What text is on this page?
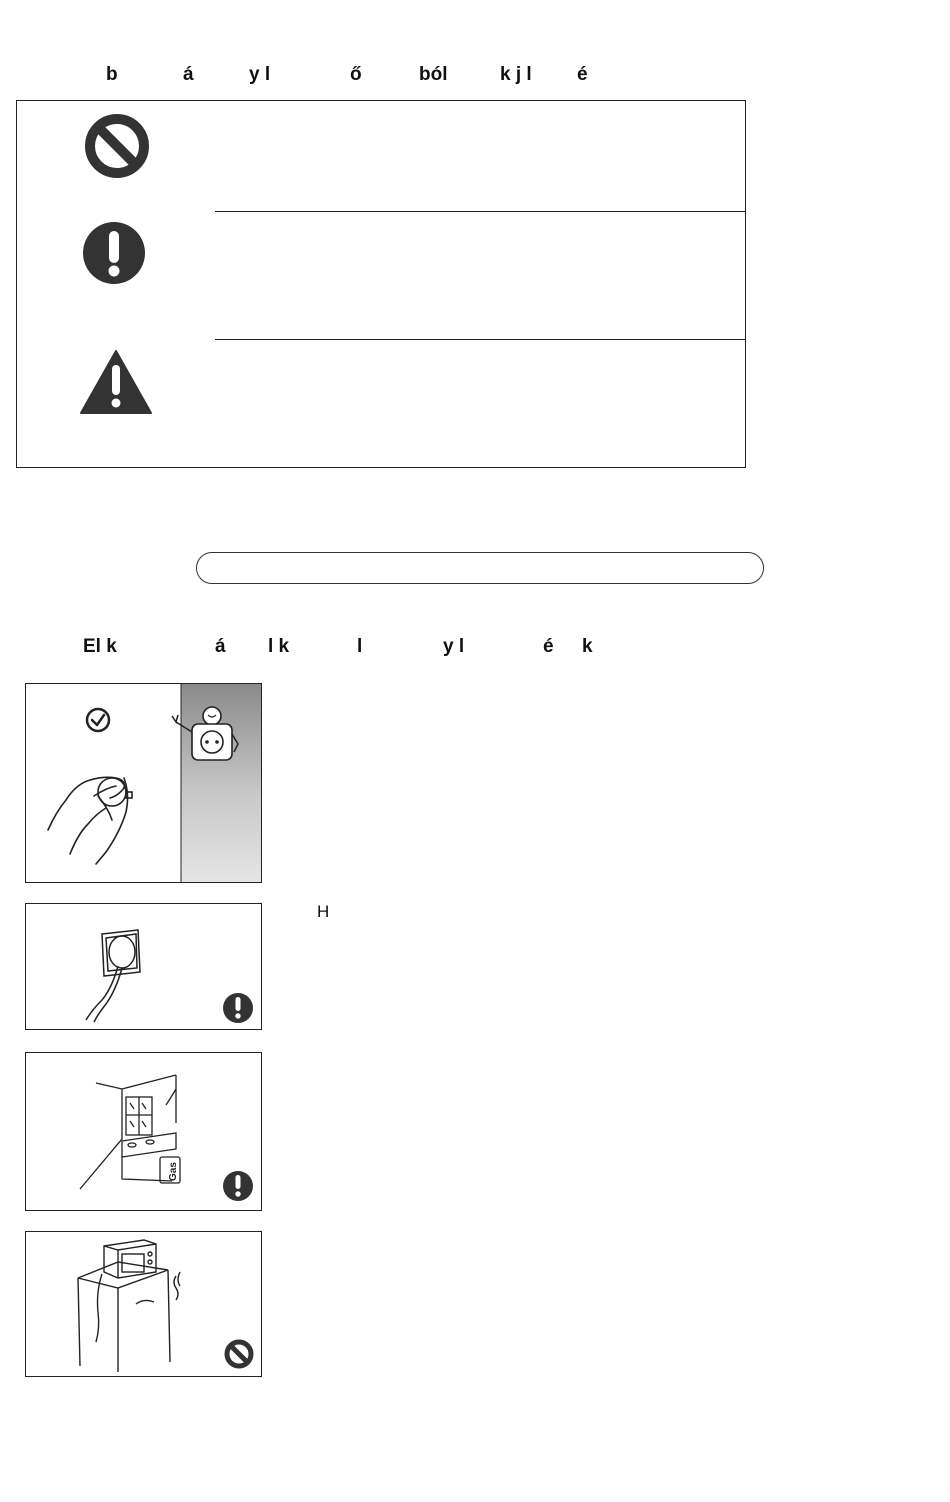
b	á	y l	ő	ból	k j l é
El k	á l k	l	y l	é k
H
Gas
